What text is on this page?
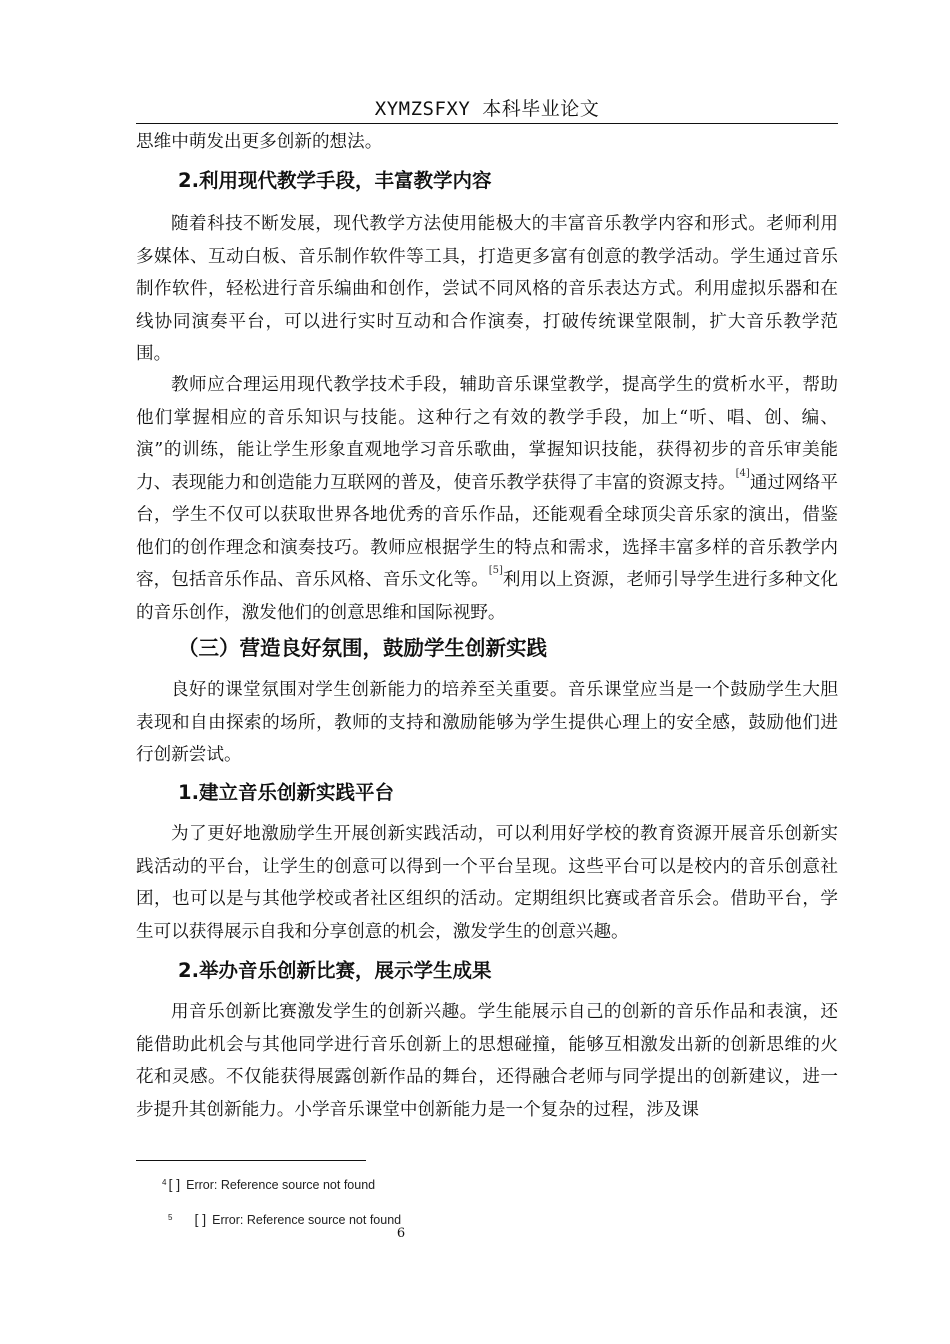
XYMZSFXY 本科毕业论文

思维中萌发出更多创新的想法。

2.利用现代教学手段，丰富教学内容

随着科技不断发展，现代教学方法使用能极大的丰富音乐教学内容和形式。老师利用多媒体、互动白板、音乐制作软件等工具，打造更多富有创意的教学活动。学生通过音乐制作软件，轻松进行音乐编曲和创作，尝试不同风格的音乐表达方式。利用虚拟乐器和在线协同演奏平台，可以进行实时互动和合作演奏，打破传统课堂限制，扩大音乐教学范围。

教师应合理运用现代教学技术手段，辅助音乐课堂教学，提高学生的赏析水平，帮助他们掌握相应的音乐知识与技能。这种行之有效的教学手段，加上“听、唱、创、编、演”的训练，能让学生形象直观地学习音乐歌曲，掌握知识技能，获得初步的音乐审美能力、表现能力和创造能力互联网的普及，使音乐教学获得了丰富的资源支持。[4]通过网络平台，学生不仅可以获取世界各地优秀的音乐作品，还能观看全球顶尖音乐家的演出，借鉴他们的创作理念和演奏技巧。教师应根据学生的特点和需求，选择丰富多样的音乐教学内容，包括音乐作品、音乐风格、音乐文化等。[5]利用以上资源，老师引导学生进行多种文化的音乐创作，激发他们的创意思维和国际视野。

（三）营造良好氛围，鼓励学生创新实践

良好的课堂氛围对学生创新能力的培养至关重要。音乐课堂应当是一个鼓励学生大胆表现和自由探索的场所，教师的支持和激励能够为学生提供心理上的安全感，鼓励他们进行创新尝试。

1.建立音乐创新实践平台

为了更好地激励学生开展创新实践活动，可以利用好学校的教育资源开展音乐创新实践活动的平台，让学生的创意可以得到一个平台呈现。这些平台可以是校内的音乐创意社团，也可以是与其他学校或者社区组织的活动。定期组织比赛或者音乐会。借助平台，学生可以获得展示自我和分享创意的机会，激发学生的创意兴趣。

2.举办音乐创新比赛，展示学生成果

用音乐创新比赛激发学生的创新兴趣。学生能展示自己的创新的音乐作品和表演，还能借助此机会与其他同学进行音乐创新上的思想碰撞，能够互相激发出新的创新思维的火花和灵感。不仅能获得展露创新作品的舞台，还得融合老师与同学提出的创新建议，进一步提升其创新能力。小学音乐课堂中创新能力是一个复杂的过程，涉及课

$^4$ [ ] Error: Reference source not found
$^5$ [ ] Error: Reference source not found
6
